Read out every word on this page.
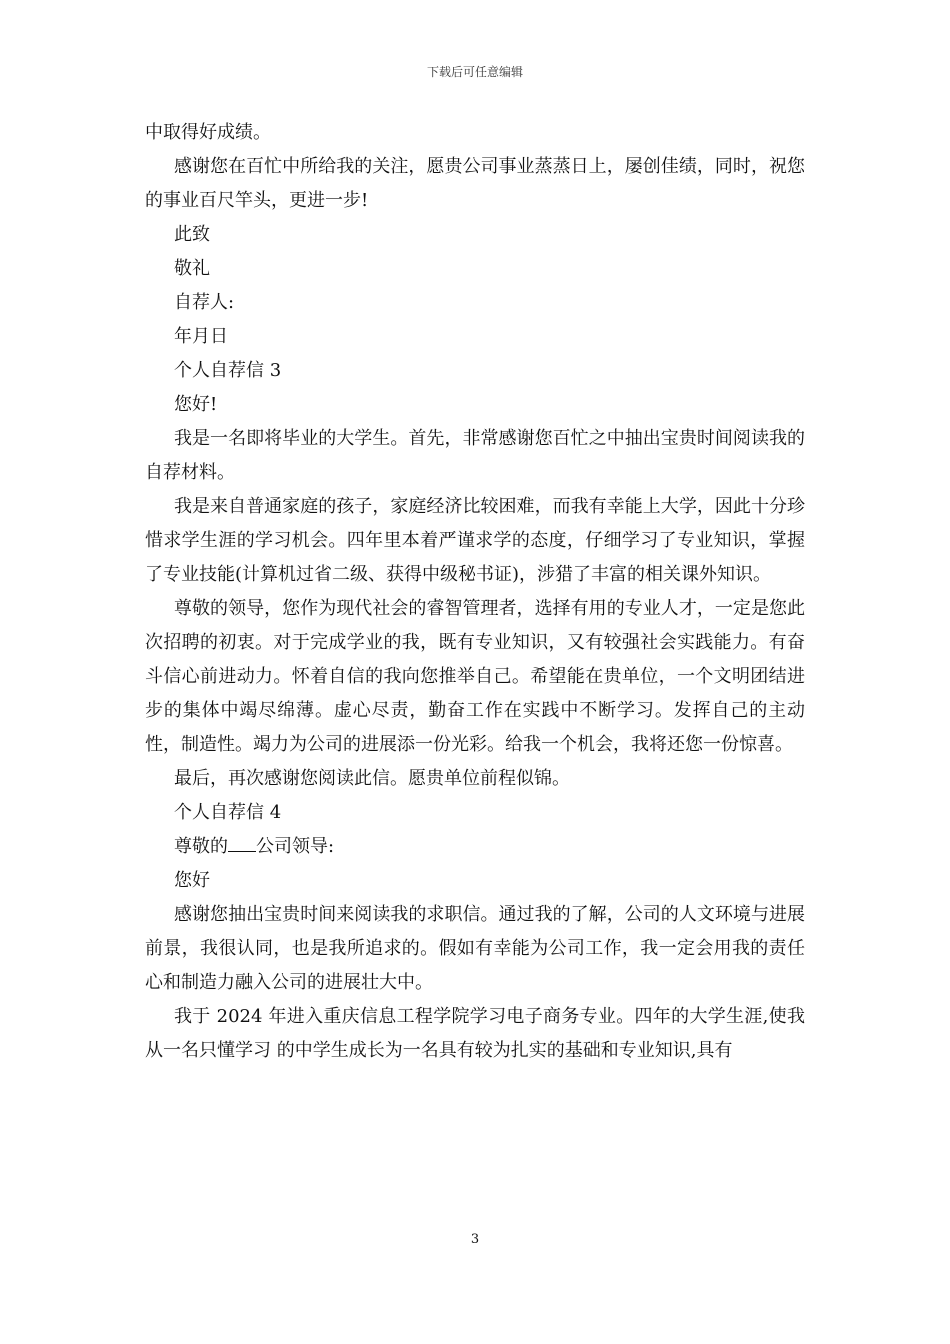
下载后可任意编辑

中取得好成绩。

感谢您在百忙中所给我的关注，愿贵公司事业蒸蒸日上，屡创佳绩，同时，祝您的事业百尺竿头，更进一步!

此致

敬礼

自荐人:

年月日

个人自荐信 3

您好!

我是一名即将毕业的大学生。首先，非常感谢您百忙之中抽出宝贵时间阅读我的自荐材料。

我是来自普通家庭的孩子，家庭经济比较困难，而我有幸能上大学，因此十分珍惜求学生涯的学习机会。四年里本着严谨求学的态度，仔细学习了专业知识，掌握了专业技能(计算机过省二级、获得中级秘书证)，涉猎了丰富的相关课外知识。

尊敬的领导，您作为现代社会的睿智管理者，选择有用的专业人才，一定是您此次招聘的初衷。对于完成学业的我，既有专业知识，又有较强社会实践能力。有奋斗信心前进动力。怀着自信的我向您推举自己。希望能在贵单位，一个文明团结进步的集体中竭尽绵薄。虚心尽责，勤奋工作在实践中不断学习。发挥自己的主动性，制造性。竭力为公司的进展添一份光彩。给我一个机会，我将还您一份惊喜。

最后，再次感谢您阅读此信。愿贵单位前程似锦。

个人自荐信 4

尊敬的 公司领导:

您好

感谢您抽出宝贵时间来阅读我的求职信。通过我的了解，公司的人文环境与进展前景，我很认同，也是我所追求的。假如有幸能为公司工作，我一定会用我的责任心和制造力融入公司的进展壮大中。

我于 2024 年进入重庆信息工程学院学习电子商务专业。四年的大学生涯,使我从一名只懂学习 的中学生成长为一名具有较为扎实的基础和专业知识,具有

3
